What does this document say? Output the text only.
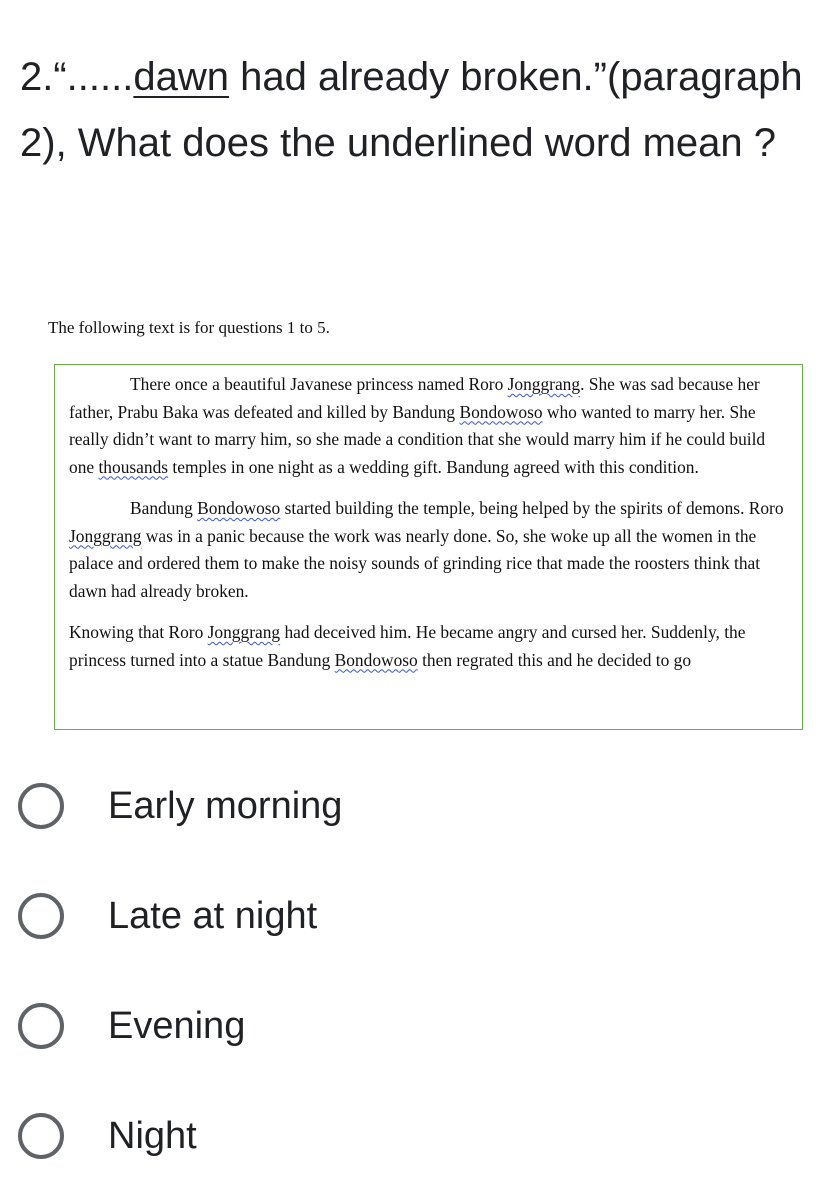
2.“......dawn had already broken.”(paragraph 2), What does the underlined word mean ?
The following text is for questions 1 to 5.

There once a beautiful Javanese princess named Roro Jonggrang. She was sad because her father, Prabu Baka was defeated and killed by Bandung Bondowoso who wanted to marry her. She really didn’t want to marry him, so she made a condition that she would marry him if he could build one thousands temples in one night as a wedding gift. Bandung agreed with this condition.

Bandung Bondowoso started building the temple, being helped by the spirits of demons. Roro Jonggrang was in a panic because the work was nearly done. So, she woke up all the women in the palace and ordered them to make the noisy sounds of grinding rice that made the roosters think that dawn had already broken.

Knowing that Roro Jonggrang had deceived him. He became angry and cursed her. Suddenly, the princess turned into a statue Bandung Bondowoso then regrated this and he decided to go

Early morning
Late at night
Evening
Night
